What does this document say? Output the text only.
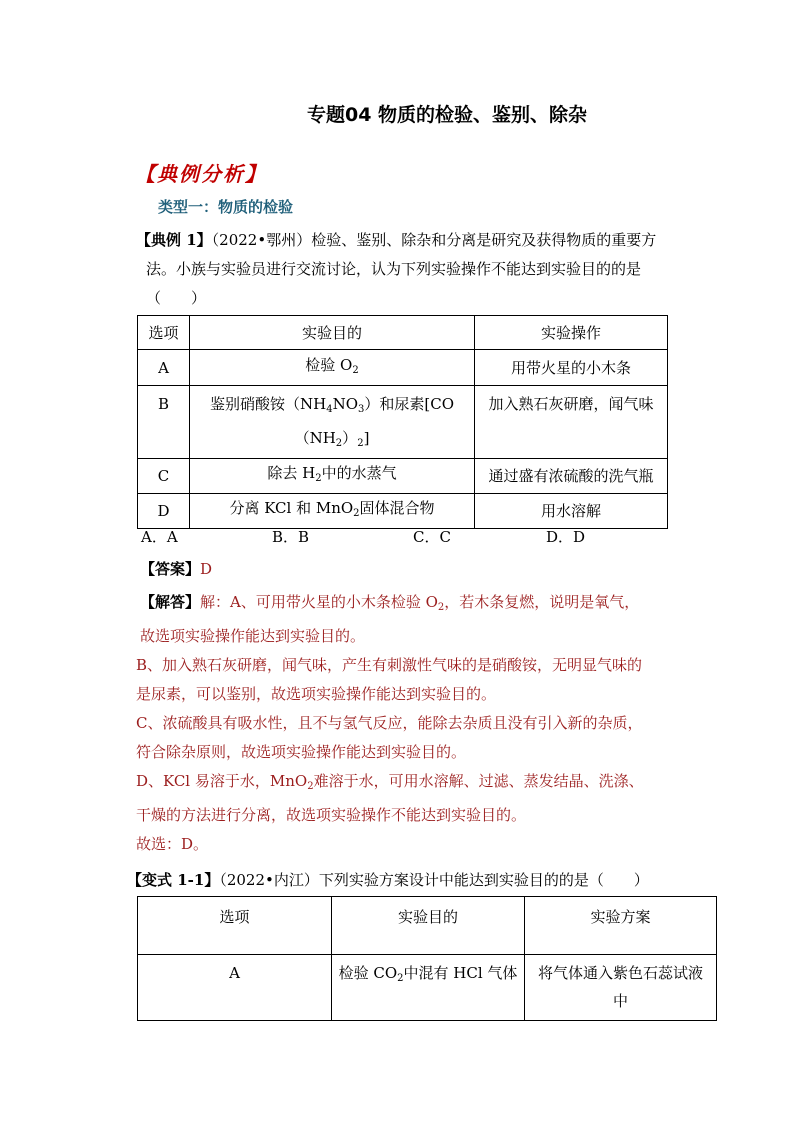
专题04 物质的检验、鉴别、除杂
【典例分析】
类型一：物质的检验
【典例 1】（2022•鄂州）检验、鉴别、除杂和分离是研究及获得物质的重要方
法。小族与实验员进行交流讨论，认为下列实验操作不能达到实验目的的是
（　　）
选项	实验目的	实验操作
A	检验 $O_2$	用带火星的小木条
B	鉴别硝酸铵$(NH_4NO_3)$和尿素[CO
$(NH_2)_2$]	加入熟石灰研磨，闻气味
C	除去 $H_2$中的水蒸气	通过盛有浓硫酸的洗气瓶
D	分离 KCl 和 MnO$_2$固体混合物	用水溶解
A．A	B．B	C．C	D．D
【答案】D
【解答】解：A、可用带火星的小木条检验 $O_2$，若木条复燃，说明是氧气，
故选项实验操作能达到实验目的。
B、加入熟石灰研磨，闻气味，产生有刺激性气味的是硝酸铵，无明显气味的
是尿素，可以鉴别，故选项实验操作能达到实验目的。
C、浓硫酸具有吸水性，且不与氢气反应，能除去杂质且没有引入新的杂质，
符合除杂原则，故选项实验操作能达到实验目的。
D、KCl 易溶于水，MnO$_2$难溶于水，可用水溶解、过滤、蒸发结晶、洗涤、
干燥的方法进行分离，故选项实验操作不能达到实验目的。
故选：D。
【变式 1-1】（2022•内江）下列实验方案设计中能达到实验目的的是（　　）
选项	实验目的	实验方案
A	检验 $CO_2$中混有 HCl 气体	将气体通入紫色石蕊试液
中
